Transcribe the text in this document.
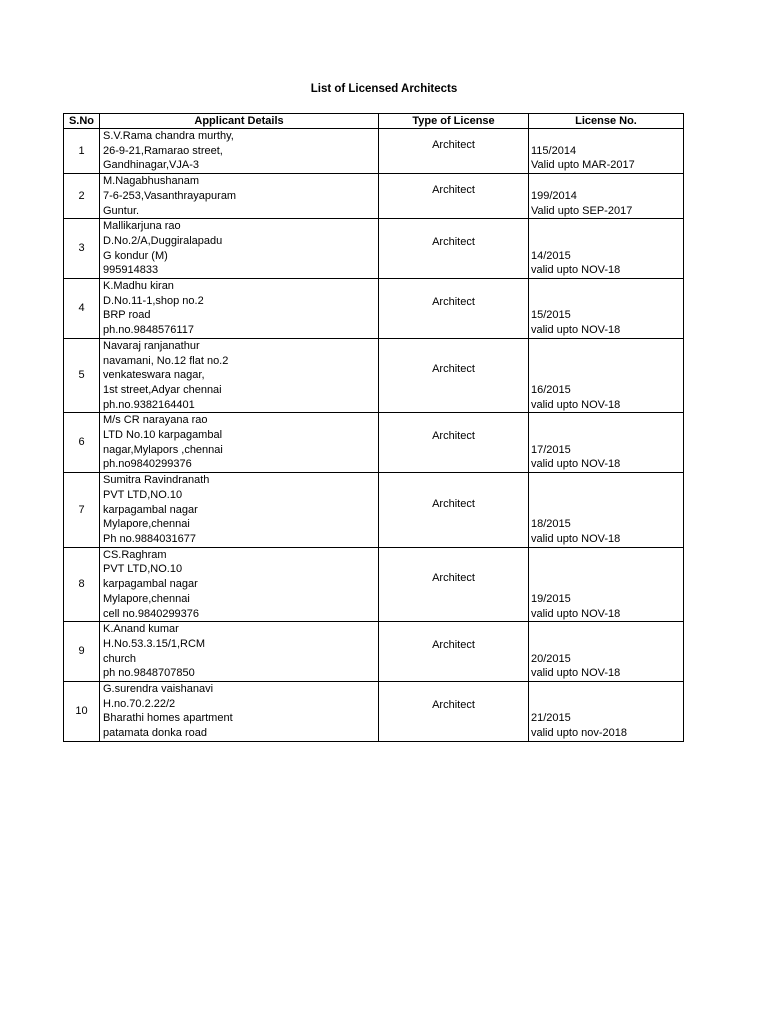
List of Licensed Architects
S.No	Applicant Details	Type of License	License No.
1	S.V.Rama chandra murthy,
26-9-21,Ramarao street,
Gandhinagar,VJA-3	Architect	115/2014
Valid upto MAR-2017

2	M.Nagabhushanam
7-6-253,Vasanthrayapuram
Guntur.	Architect	199/2014
Valid upto SEP-2017

3	Mallikarjuna rao
D.No.2/A,Duggiralapadu
G kondur (M)
995914833	Architect	14/2015
valid upto NOV-18

4	K.Madhu kiran
D.No.11-1,shop no.2
BRP road
ph.no.9848576117	Architect	15/2015
valid upto NOV-18

5	Navaraj ranjanathur
navamani, No.12 flat no.2
venkateswara nagar,
1st street,Adyar chennai
ph.no.9382164401	Architect	16/2015
valid upto NOV-18

6	M/s CR narayana rao
LTD No.10 karpagambal
nagar,Mylapors ,chennai
ph.no9840299376	Architect	17/2015
valid upto NOV-18

7	Sumitra Ravindranath
PVT LTD,NO.10
karpagambal nagar
Mylapore,chennai
Ph no.9884031677	Architect	18/2015
valid upto NOV-18

8	CS.Raghram
PVT LTD,NO.10
karpagambal nagar
Mylapore,chennai
cell no.9840299376	Architect	19/2015
valid upto NOV-18

9	K.Anand kumar
H.No.53.3.15/1,RCM
church
ph no.9848707850	Architect	20/2015
valid upto NOV-18

10	G.surendra vaishanavi
H.no.70.2.22/2
Bharathi homes apartment
patamata donka road	Architect	21/2015
valid upto nov-2018
